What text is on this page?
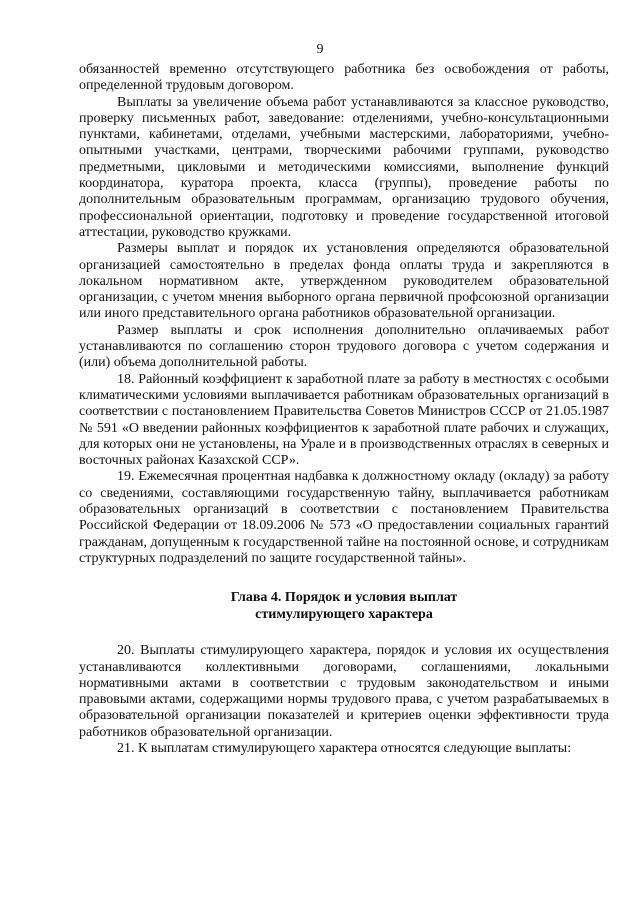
9

обязанностей временно отсутствующего работника без освобождения от работы, определенной трудовым договором.

Выплаты за увеличение объема работ устанавливаются за классное руководство, проверку письменных работ, заведование: отделениями, учебно-консультационными пунктами, кабинетами, отделами, учебными мастерскими, лабораториями, учебно-опытными участками, центрами, творческими рабочими группами, руководство предметными, цикловыми и методическими комиссиями, выполнение функций координатора, куратора проекта, класса (группы), проведение работы по дополнительным образовательным программам, организацию трудового обучения, профессиональной ориентации, подготовку и проведение государственной итоговой аттестации, руководство кружками.

Размеры выплат и порядок их установления определяются образовательной организацией самостоятельно в пределах фонда оплаты труда и закрепляются в локальном нормативном акте, утвержденном руководителем образовательной организации, с учетом мнения выборного органа первичной профсоюзной организации или иного представительного органа работников образовательной организации.

Размер выплаты и срок исполнения дополнительно оплачиваемых работ устанавливаются по соглашению сторон трудового договора с учетом содержания и (или) объема дополнительной работы.

18. Районный коэффициент к заработной плате за работу в местностях с особыми климатическими условиями выплачивается работникам образовательных организаций в соответствии с постановлением Правительства Советов Министров СССР от 21.05.1987 № 591 «О введении районных коэффициентов к заработной плате рабочих и служащих, для которых они не установлены, на Урале и в производственных отраслях в северных и восточных районах Казахской ССР».

19. Ежемесячная процентная надбавка к должностному окладу (окладу) за работу со сведениями, составляющими государственную тайну, выплачивается работникам образовательных организаций в соответствии с постановлением Правительства Российской Федерации от 18.09.2006 № 573 «О предоставлении социальных гарантий гражданам, допущенным к государственной тайне на постоянной основе, и сотрудникам структурных подразделений по защите государственной тайны».

Глава 4. Порядок и условия выплат
стимулирующего характера

20. Выплаты стимулирующего характера, порядок и условия их осуществления устанавливаются коллективными договорами, соглашениями, локальными нормативными актами в соответствии с трудовым законодательством и иными правовыми актами, содержащими нормы трудового права, с учетом разрабатываемых в образовательной организации показателей и критериев оценки эффективности труда работников образовательной организации.

21. К выплатам стимулирующего характера относятся следующие выплаты:
